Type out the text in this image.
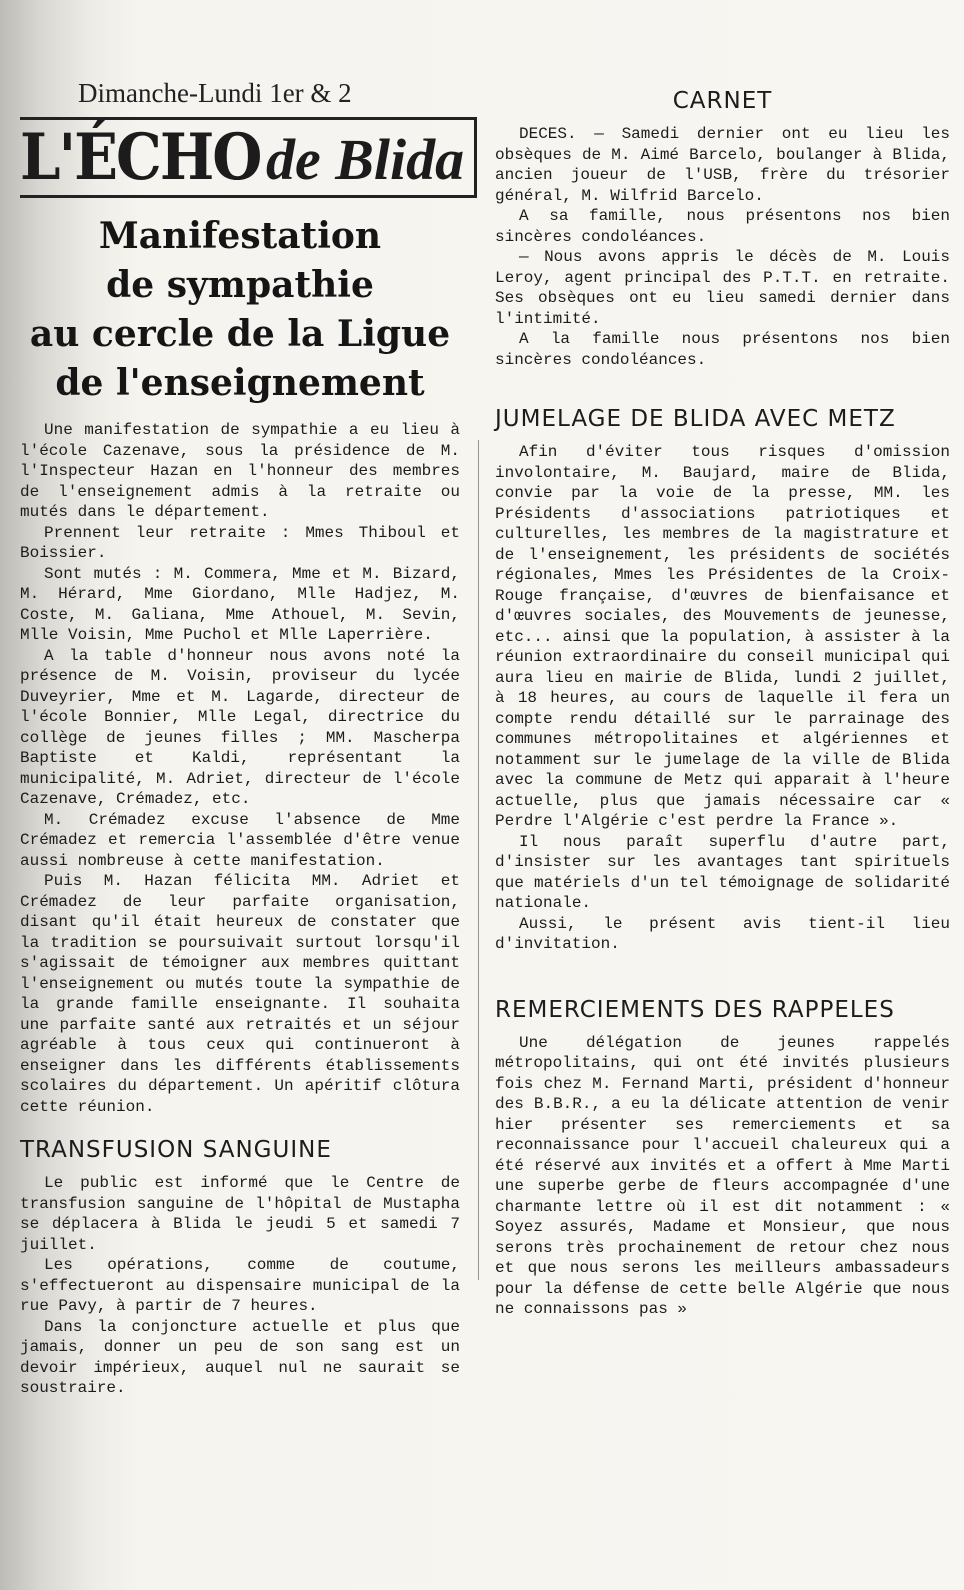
Dimanche-Lundi 1er & 2
L'ÉCHO de Blida
Manifestation
de sympathie
au cercle de la Ligue
de l'enseignement

Une manifestation de sympathie a eu lieu à l'école Cazenave, sous la présidence de M. l'Inspecteur Hazan en l'honneur des membres de l'enseignement admis à la retraite ou mutés dans le département.

Prennent leur retraite : Mmes Thiboul et Boissier.

Sont mutés : M. Commera, Mme et M. Bizard, M. Hérard, Mme Giordano, Mlle Hadjez, M. Coste, M. Galiana, Mme Athouel, M. Sevin, Mlle Voisin, Mme Puchol et Mlle Laperrière.

A la table d'honneur nous avons noté la présence de M. Voisin, proviseur du lycée Duveyrier, Mme et M. Lagarde, directeur de l'école Bonnier, Mlle Legal, directrice du collège de jeunes filles ; MM. Mascherpa Baptiste et Kaldi, représentant la municipalité, M. Adriet, directeur de l'école Cazenave, Crémadez, etc.

M. Crémadez excuse l'absence de Mme Crémadez et remercia l'assemblée d'être venue aussi nombreuse à cette manifestation.

Puis M. Hazan félicita MM. Adriet et Crémadez de leur parfaite organisation, disant qu'il était heureux de constater que la tradition se poursuivait surtout lorsqu'il s'agissait de témoigner aux membres quittant l'enseignement ou mutés toute la sympathie de la grande famille enseignante. Il souhaita une parfaite santé aux retraités et un séjour agréable à tous ceux qui continueront à enseigner dans les différents établissements scolaires du département. Un apéritif clôtura cette réunion.

TRANSFUSION SANGUINE

Le public est informé que le Centre de transfusion sanguine de l'hôpital de Mustapha se déplacera à Blida le jeudi 5 et samedi 7 juillet.

Les opérations, comme de coutume, s'effectueront au dispensaire municipal de la rue Pavy, à partir de 7 heures.

Dans la conjoncture actuelle et plus que jamais, donner un peu de son sang est un devoir impérieux, auquel nul ne saurait se soustraire.

CARNET

DECES. — Samedi dernier ont eu lieu les obsèques de M. Aimé Barcelo, boulanger à Blida, ancien joueur de l'USB, frère du trésorier général, M. Wilfrid Barcelo.

A sa famille, nous présentons nos bien sincères condoléances.

— Nous avons appris le décès de M. Louis Leroy, agent principal des P.T.T. en retraite. Ses obsèques ont eu lieu samedi dernier dans l'intimité.

A la famille nous présentons nos bien sincères condoléances.

JUMELAGE DE BLIDA AVEC METZ

Afin d'éviter tous risques d'omission involontaire, M. Baujard, maire de Blida, convie par la voie de la presse, MM. les Présidents d'associations patriotiques et culturelles, les membres de la magistrature et de l'enseignement, les présidents de sociétés régionales, Mmes les Présidentes de la Croix-Rouge française, d'œuvres de bienfaisance et d'œuvres sociales, des Mouvements de jeunesse, etc... ainsi que la population, à assister à la réunion extraordinaire du conseil municipal qui aura lieu en mairie de Blida, lundi 2 juillet, à 18 heures, au cours de laquelle il fera un compte rendu détaillé sur le parrainage des communes métropolitaines et algériennes et notamment sur le jumelage de la ville de Blida avec la commune de Metz qui apparait à l'heure actuelle, plus que jamais nécessaire car « Perdre l'Algérie c'est perdre la France ».

Il nous paraît superflu d'autre part, d'insister sur les avantages tant spirituels que matériels d'un tel témoignage de solidarité nationale.

Aussi, le présent avis tient-il lieu d'invitation.

REMERCIEMENTS DES RAPPELES

Une délégation de jeunes rappelés métropolitains, qui ont été invités plusieurs fois chez M. Fernand Marti, président d'honneur des B.B.R., a eu la délicate attention de venir hier présenter ses remerciements et sa reconnaissance pour l'accueil chaleureux qui a été réservé aux invités et a offert à Mme Marti une superbe gerbe de fleurs accompagnée d'une charmante lettre où il est dit notamment : « Soyez assurés, Madame et Monsieur, que nous serons très prochainement de retour chez nous et que nous serons les meilleurs ambassadeurs pour la défense de cette belle Algérie que nous ne connaissons pas »
